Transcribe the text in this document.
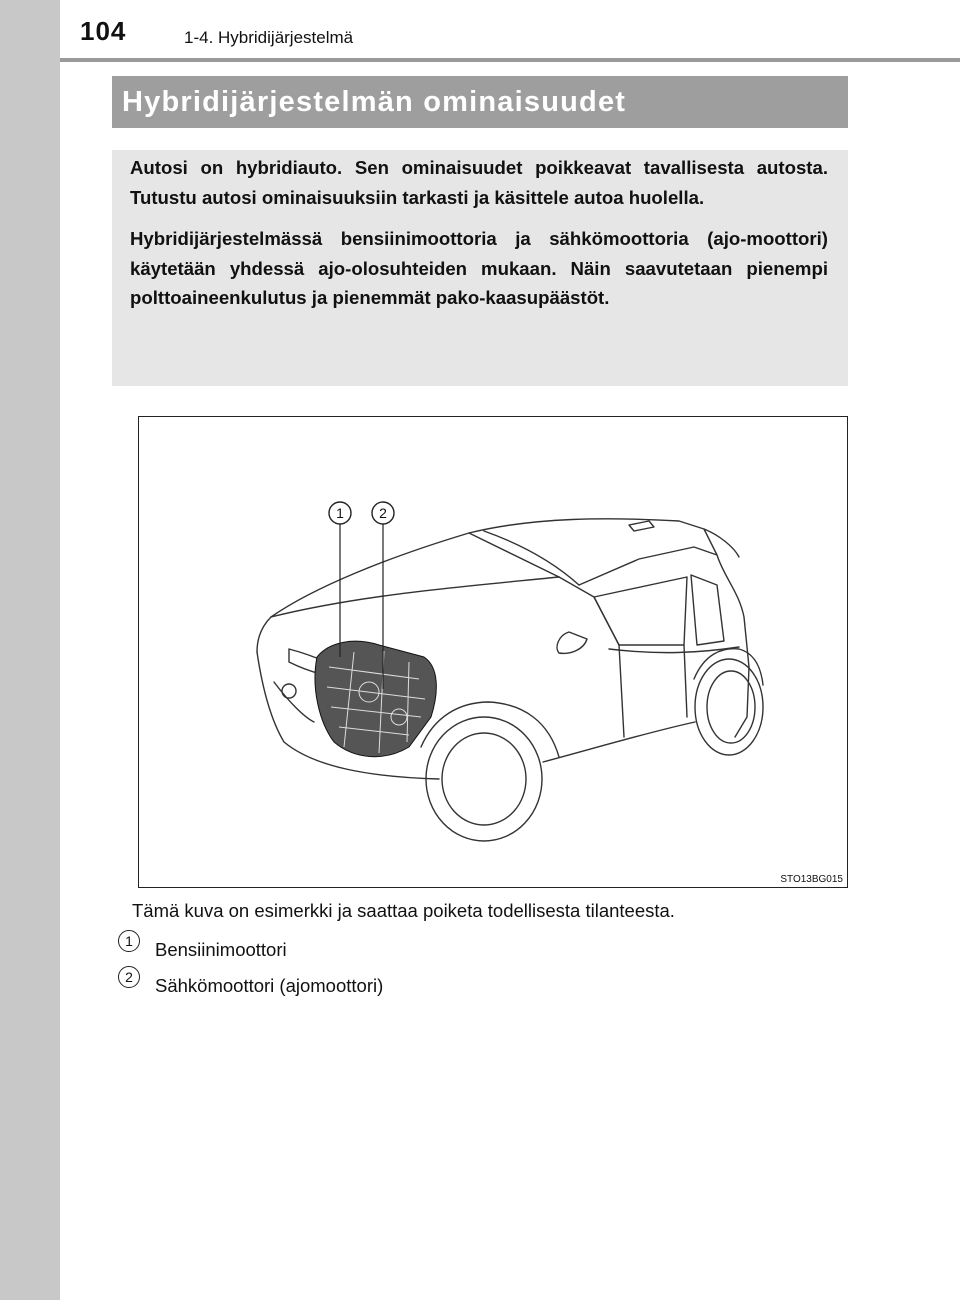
104	1-4. Hybridijärjestelmä
Hybridijärjestelmän ominaisuudet

Autosi on hybridiauto. Sen ominaisuudet poikkeavat tavallisesta autosta. Tutustu autosi ominaisuuksiin tarkasti ja käsittele autoa huolella.

Hybridijärjestelmässä bensiinimoottoria ja sähkömoottoria (ajo-moottori) käytetään yhdessä ajo-olosuhteiden mukaan. Näin saavutetaan pienempi polttoaineenkulutus ja pienemmät pako-kaasupäästöt.

1	2
STO13BG015
Tämä kuva on esimerkki ja saattaa poiketa todellisesta tilanteesta.
1 Bensiinimoottori
2 Sähkömoottori (ajomoottori)
